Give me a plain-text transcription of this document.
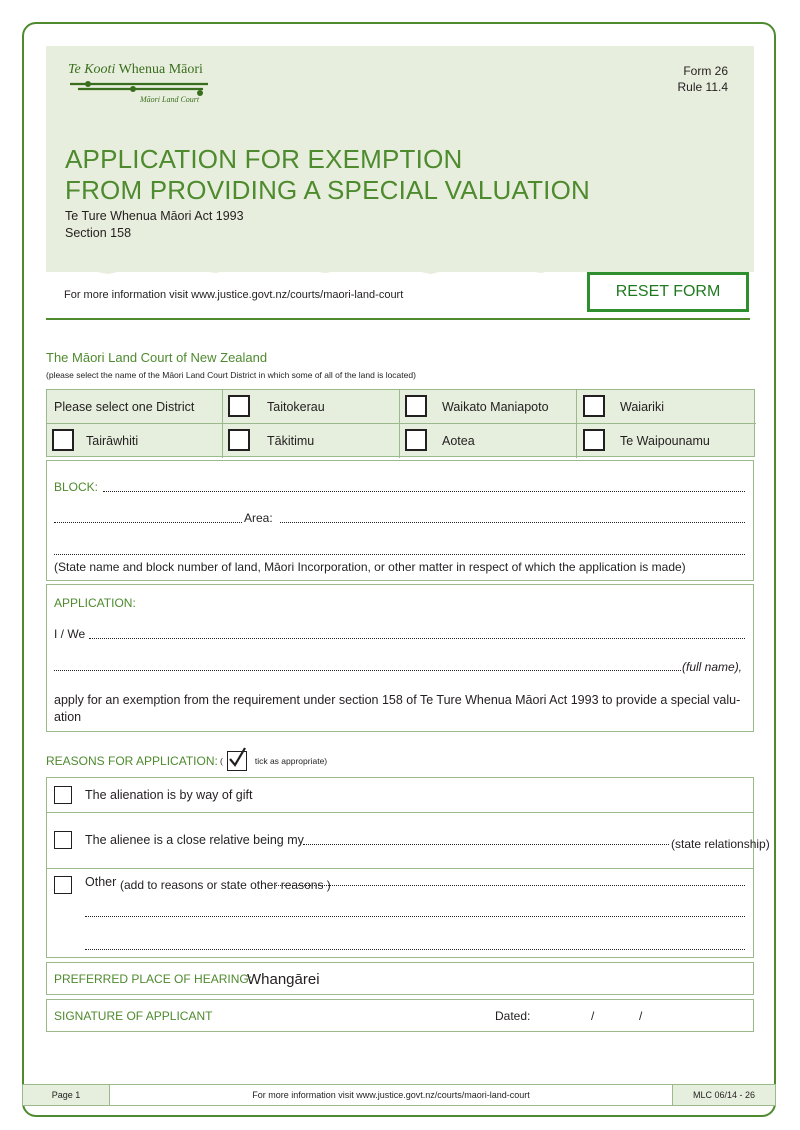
Te Kooti Whenua Māori
Māori Land Court
Form 26
Rule 11.4
APPLICATION FOR EXEMPTION
FROM PROVIDING A SPECIAL VALUATION
Te Ture Whenua Māori Act 1993
Section 158
For more information visit www.justice.govt.nz/courts/maori-land-court	RESET FORM
The Māori Land Court of New Zealand
(please select the name of the Māori Land Court District in which some of all of the land is located)
Please select one District	Taitokerau	Waikato Maniapoto	Waiariki
Tairāwhiti	Tākitimu	Aotea	Te Waipounamu
BLOCK:
Area:
(State name and block number of land, Māori Incorporation, or other matter in respect of which the application is made)
APPLICATION:
I / We
(full name),
apply for an exemption from the requirement under section 158 of Te Ture Whenua Māori Act 1993 to provide a special valu-
ation
REASONS FOR APPLICATION: (	tick as appropriate)
The alienation is by way of gift
The alienee is a close relative being my	(state relationship)
Other (add to reasons or state other reasons )
PREFERRED PLACE OF HEARING:
Whangārei
SIGNATURE OF APPLICANT	Dated:	/	/
Page 1	For more information visit www.justice.govt.nz/courts/maori-land-court	MLC 06/14 - 26
